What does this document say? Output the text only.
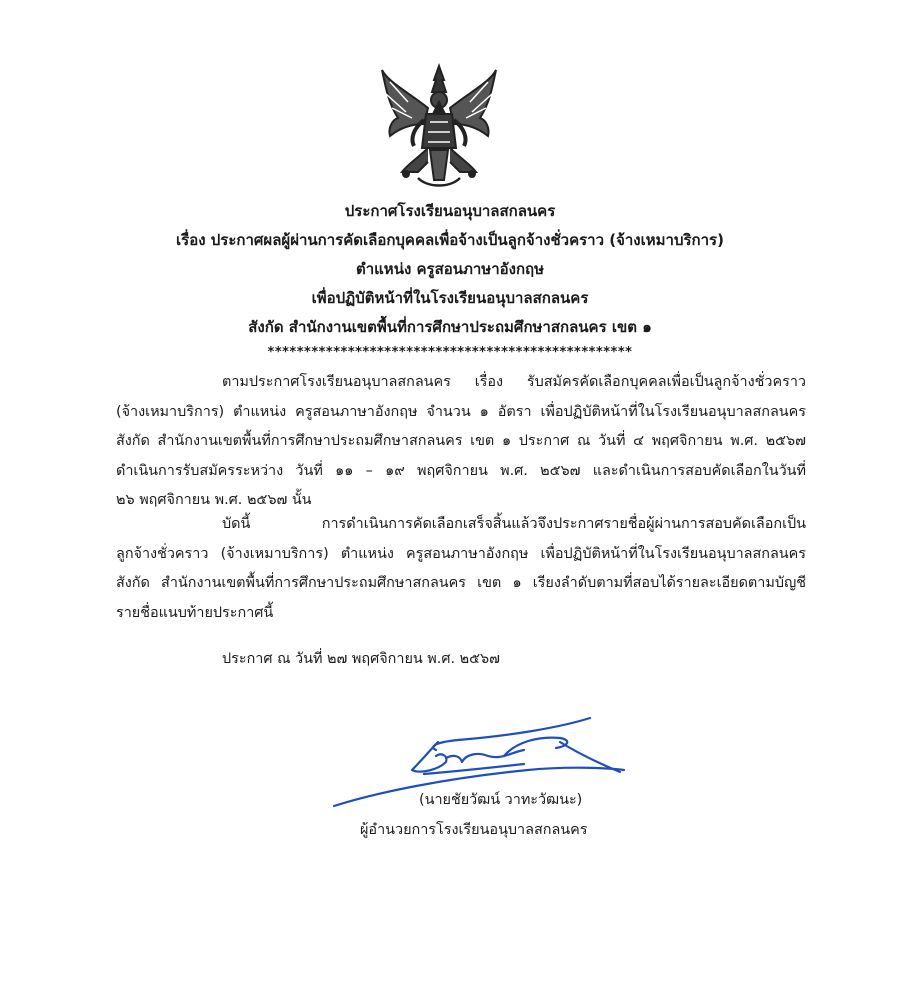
ประกาศโรงเรียนอนุบาลสกลนคร
เรื่อง ประกาศผลผู้ผ่านการคัดเลือกบุคคลเพื่อจ้างเป็นลูกจ้างชั่วคราว (จ้างเหมาบริการ)
ตำแหน่ง ครูสอนภาษาอังกฤษ
เพื่อปฏิบัติหน้าที่ในโรงเรียนอนุบาลสกลนคร
สังกัด สำนักงานเขตพื้นที่การศึกษาประถมศึกษาสกลนคร เขต ๑
**************************************************
ตามประกาศโรงเรียนอนุบาลสกลนคร เรื่อง รับสมัครคัดเลือกบุคคลเพื่อเป็นลูกจ้างชั่วคราว
(จ้างเหมาบริการ) ตำแหน่ง ครูสอนภาษาอังกฤษ จำนวน ๑ อัตรา เพื่อปฏิบัติหน้าที่ในโรงเรียนอนุบาลสกลนคร
สังกัด สำนักงานเขตพื้นที่การศึกษาประถมศึกษาสกลนคร เขต ๑ ประกาศ ณ วันที่ ๔ พฤศจิกายน พ.ศ. ๒๕๖๗
ดำเนินการรับสมัครระหว่าง วันที่ ๑๑ – ๑๙ พฤศจิกายน พ.ศ. ๒๕๖๗ และดำเนินการสอบคัดเลือกในวันที่
๒๖ พฤศจิกายน พ.ศ. ๒๕๖๗ นั้น
บัดนี้ การดำเนินการคัดเลือกเสร็จสิ้นแล้วจึงประกาศรายชื่อผู้ผ่านการสอบคัดเลือกเป็น
ลูกจ้างชั่วคราว (จ้างเหมาบริการ) ตำแหน่ง ครูสอนภาษาอังกฤษ เพื่อปฏิบัติหน้าที่ในโรงเรียนอนุบาลสกลนคร
สังกัด สำนักงานเขตพื้นที่การศึกษาประถมศึกษาสกลนคร เขต ๑ เรียงลำดับตามที่สอบได้รายละเอียดตามบัญชี
รายชื่อแนบท้ายประกาศนี้
ประกาศ ณ วันที่ ๒๗ พฤศจิกายน พ.ศ. ๒๕๖๗
(นายชัยวัฒน์ วาทะวัฒนะ)
ผู้อำนวยการโรงเรียนอนุบาลสกลนคร
